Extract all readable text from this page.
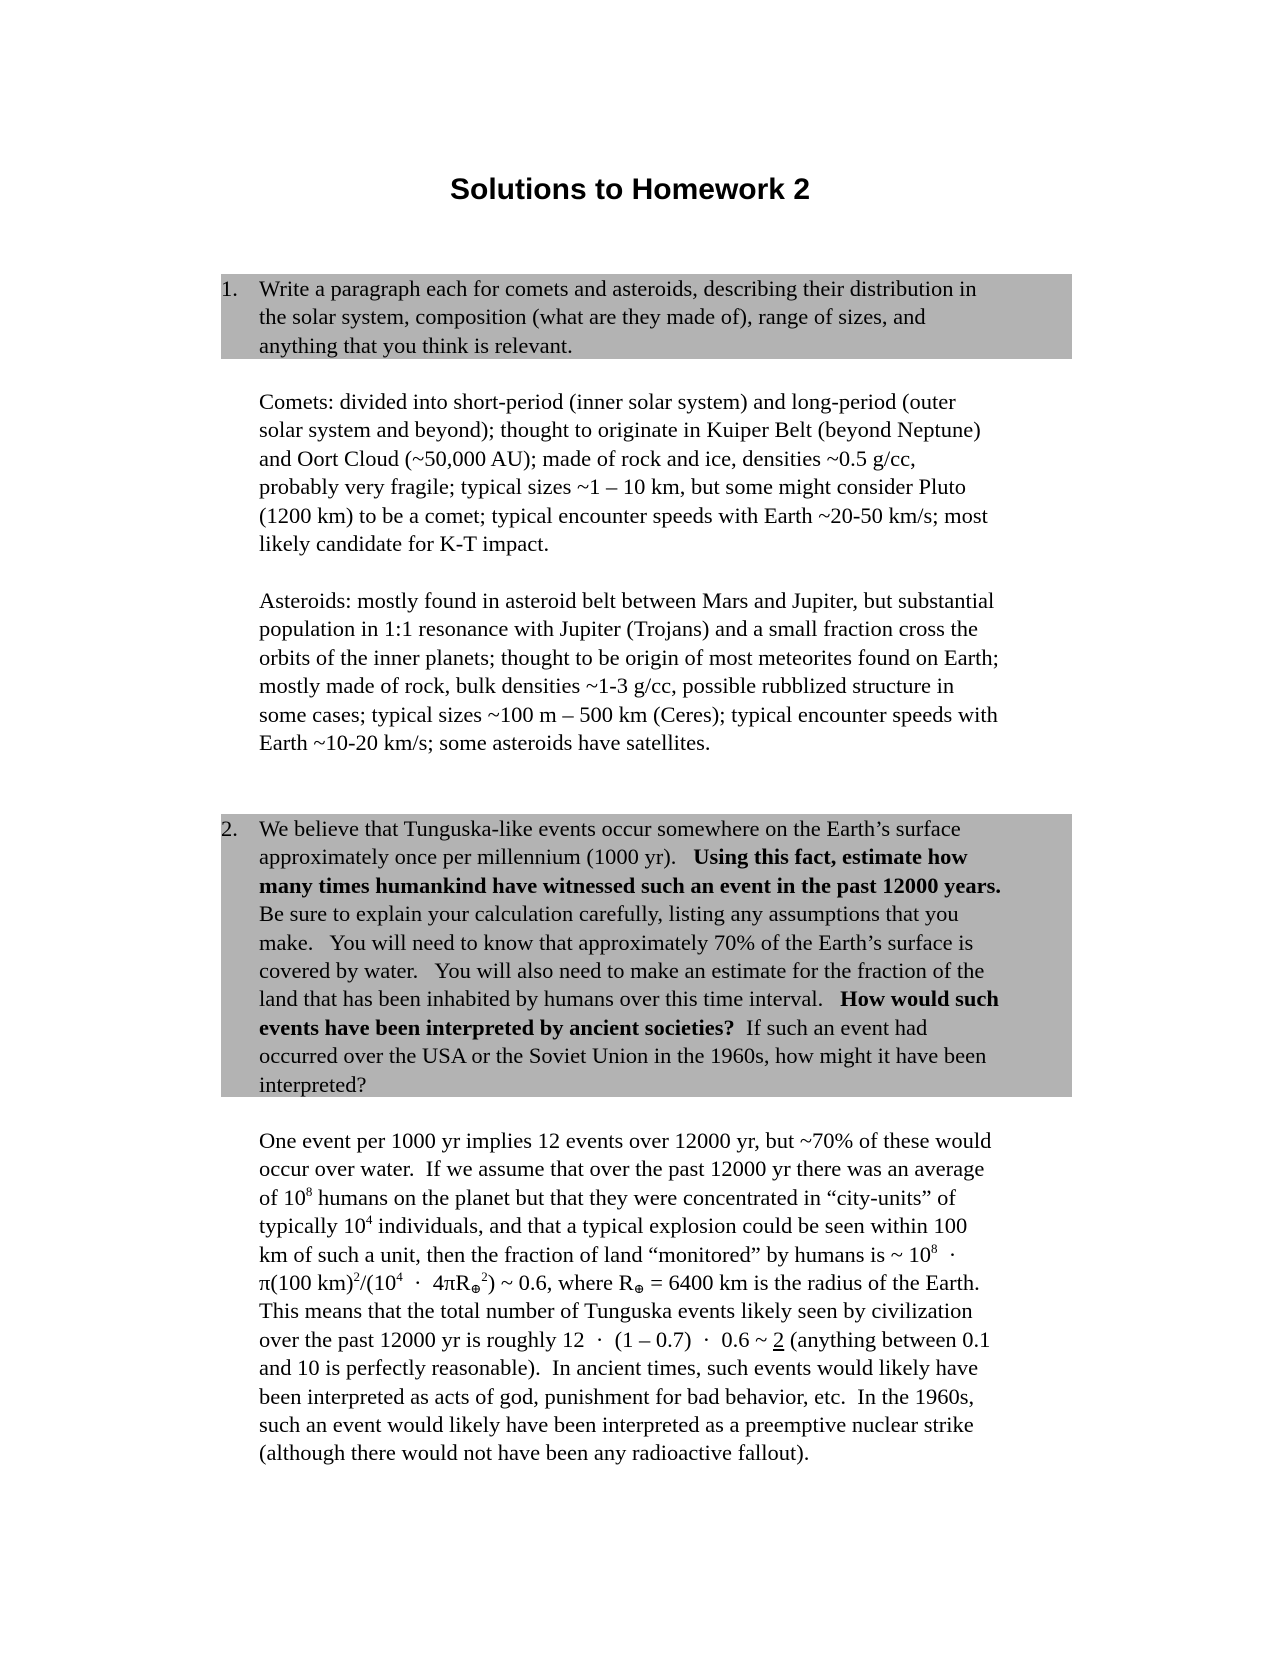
Solutions to Homework 2
1. Write a paragraph each for comets and asteroids, describing their distribution in
the solar system, composition (what are they made of), range of sizes, and
anything that you think is relevant.
Comets: divided into short-period (inner solar system) and long-period (outer
solar system and beyond); thought to originate in Kuiper Belt (beyond Neptune)
and Oort Cloud (~50,000 AU); made of rock and ice, densities ~0.5 g/cc,
probably very fragile; typical sizes ~1 – 10 km, but some might consider Pluto
(1200 km) to be a comet; typical encounter speeds with Earth ~20-50 km/s; most
likely candidate for K-T impact.
Asteroids: mostly found in asteroid belt between Mars and Jupiter, but substantial
population in 1:1 resonance with Jupiter (Trojans) and a small fraction cross the
orbits of the inner planets; thought to be origin of most meteorites found on Earth;
mostly made of rock, bulk densities ~1-3 g/cc, possible rubblized structure in
some cases; typical sizes ~100 m – 500 km (Ceres); typical encounter speeds with
Earth ~10-20 km/s; some asteroids have satellites.
2. We believe that Tunguska-like events occur somewhere on the Earth’s surface
approximately once per millennium (1000 yr).   Using this fact, estimate how
many times humankind have witnessed such an event in the past 12000 years.
Be sure to explain your calculation carefully, listing any assumptions that you
make.   You will need to know that approximately 70% of the Earth’s surface is
covered by water.   You will also need to make an estimate for the fraction of the
land that has been inhabited by humans over this time interval.   How would such
events have been interpreted by ancient societies?  If such an event had
occurred over the USA or the Soviet Union in the 1960s, how might it have been
interpreted?
One event per 1000 yr implies 12 events over 12000 yr, but ~70% of these would
occur over water.  If we assume that over the past 12000 yr there was an average
of $10^8$ humans on the planet but that they were concentrated in “city-units” of
typically $10^4$ individuals, and that a typical explosion could be seen within 100
km of such a unit, then the fraction of land “monitored” by humans is ~ $10^8$  ·
π(100 $km)^2/(10^4 \cdot 4\pi R_\oplus^2)$ ~ 0.6, where $R_\oplus = 6400$ km is the radius of the Earth.
This means that the total number of Tunguska events likely seen by civilization
over the past 12000 yr is roughly 12  ·  (1 – 0.7)  ·  0.6 ~ 2 (anything between 0.1
and 10 is perfectly reasonable).  In ancient times, such events would likely have
been interpreted as acts of god, punishment for bad behavior, etc.  In the 1960s,
such an event would likely have been interpreted as a preemptive nuclear strike
(although there would not have been any radioactive fallout).
